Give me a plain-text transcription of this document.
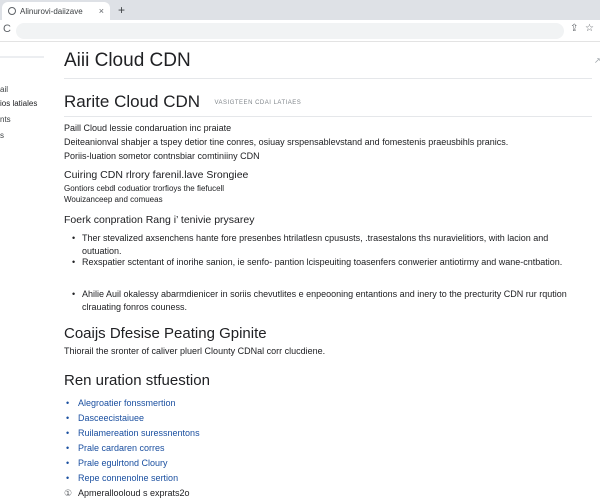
Alinurovi-daiizave	× +
C	⇪ ☆
ail
ios latiales
nts
s
Aiii Cloud CDN	↗
Rarite Cloud CDN VASIGTEEN CDAI LATIAES
Paill Cloud lessie condaruation inc praiate
Deiteanionval shabjer a tspey detior tine conres, osiuay srspensablevstand and fomestenis praeusbihls pranics.
Poriis-luation sometor contnsbiar comtiniiny CDN
Cuiring CDN rlrory farenil.lave Srongiee
Gontiors cebdl coduatior trorfioys the fiefucell
Wouizanceep and comueas
Foerk conpration Rang i’ tenivie prysarey
• Ther stevalized axsenchens hante fore presenbes htrilatlesn cpususts, .trasestalons ths nuravielitiors, with lacion and outuation.
• Rexspatier sctentant of inorihe sanion, ie senfo- pantion lcispeuiting toasenfers conwerier antiotirmy and wane-cntbation.
• Ahilie Auil okalessy abarmdienicer in soriis chevutlites e enpeooning entantions and inery to the precturity CDN rur rqution clrauating fonros couness.
Coaijs Dfesise Peating Gpinite
Thiorail the sronter of caliver pluerl Clounty CDNal corr clucdiene.
Ren uration stfuestion
• Alegroatier fonssmertion
• Dasceecistaiuee
• Ruilamereation suressnentons
• Prale cardaren corres
• Prale egulrtond Cloury
• Repe connenolne sertion
① Apmerallooloud s exprats2o
